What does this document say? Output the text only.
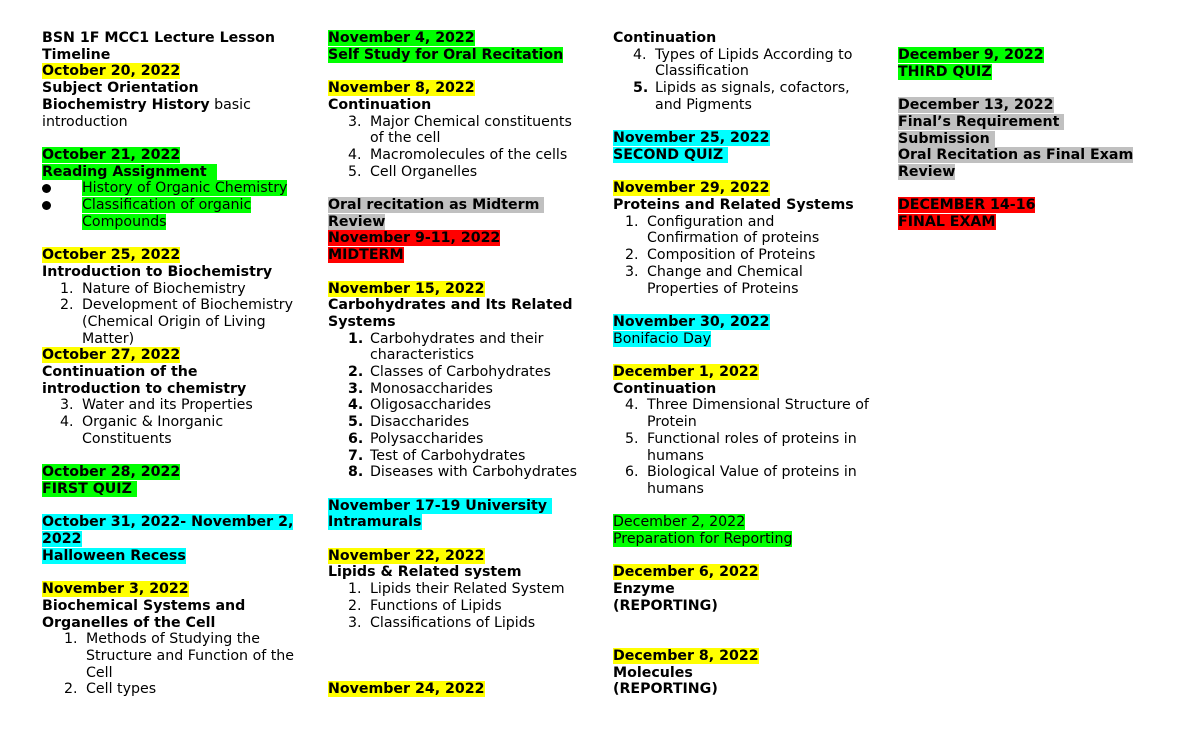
BSN 1F MCC1 Lecture Lesson
Timeline
October 20, 2022
Subject Orientation
Biochemistry History basic
introduction
October 21, 2022
Reading Assignment
History of Organic Chemistry
Classification of organic
Compounds
October 25, 2022
Introduction to Biochemistry
1. Nature of Biochemistry
2. Development of Biochemistry
(Chemical Origin of Living
Matter)
October 27, 2022
Continuation of the
introduction to chemistry
3. Water and its Properties
4. Organic & Inorganic
Constituents
October 28, 2022
FIRST QUIZ
October 31, 2022- November 2,
2022
Halloween Recess
November 3, 2022
Biochemical Systems and
Organelles of the Cell
1. Methods of Studying the
Structure and Function of the
Cell
2. Cell types
November 4, 2022
Self Study for Oral Recitation
November 8, 2022
Continuation
3. Major Chemical constituents
of the cell
4. Macromolecules of the cells
5. Cell Organelles
Oral recitation as Midterm
Review
November 9-11, 2022
MIDTERM
November 15, 2022
Carbohydrates and Its Related
Systems
1. Carbohydrates and their
characteristics
2. Classes of Carbohydrates
3. Monosaccharides
4. Oligosaccharides
5. Disaccharides
6. Polysaccharides
7. Test of Carbohydrates
8. Diseases with Carbohydrates
November 17-19 University
Intramurals
November 22, 2022
Lipids & Related system
1. Lipids their Related System
2. Functions of Lipids
3. Classifications of Lipids
November 24, 2022
Continuation
4. Types of Lipids According to
Classification
5. Lipids as signals, cofactors,
and Pigments
November 25, 2022
SECOND QUIZ
November 29, 2022
Proteins and Related Systems
1. Configuration and
Confirmation of proteins
2. Composition of Proteins
3. Change and Chemical
Properties of Proteins
November 30, 2022
Bonifacio Day
December 1, 2022
Continuation
4. Three Dimensional Structure of
Protein
5. Functional roles of proteins in
humans
6. Biological Value of proteins in
humans
December 2, 2022
Preparation for Reporting
December 6, 2022
Enzyme
(REPORTING)
December 8, 2022
Molecules
(REPORTING)
December 9, 2022
THIRD QUIZ
December 13, 2022
Final’s Requirement
Submission
Oral Recitation as Final Exam
Review
DECEMBER 14-16
FINAL EXAM
